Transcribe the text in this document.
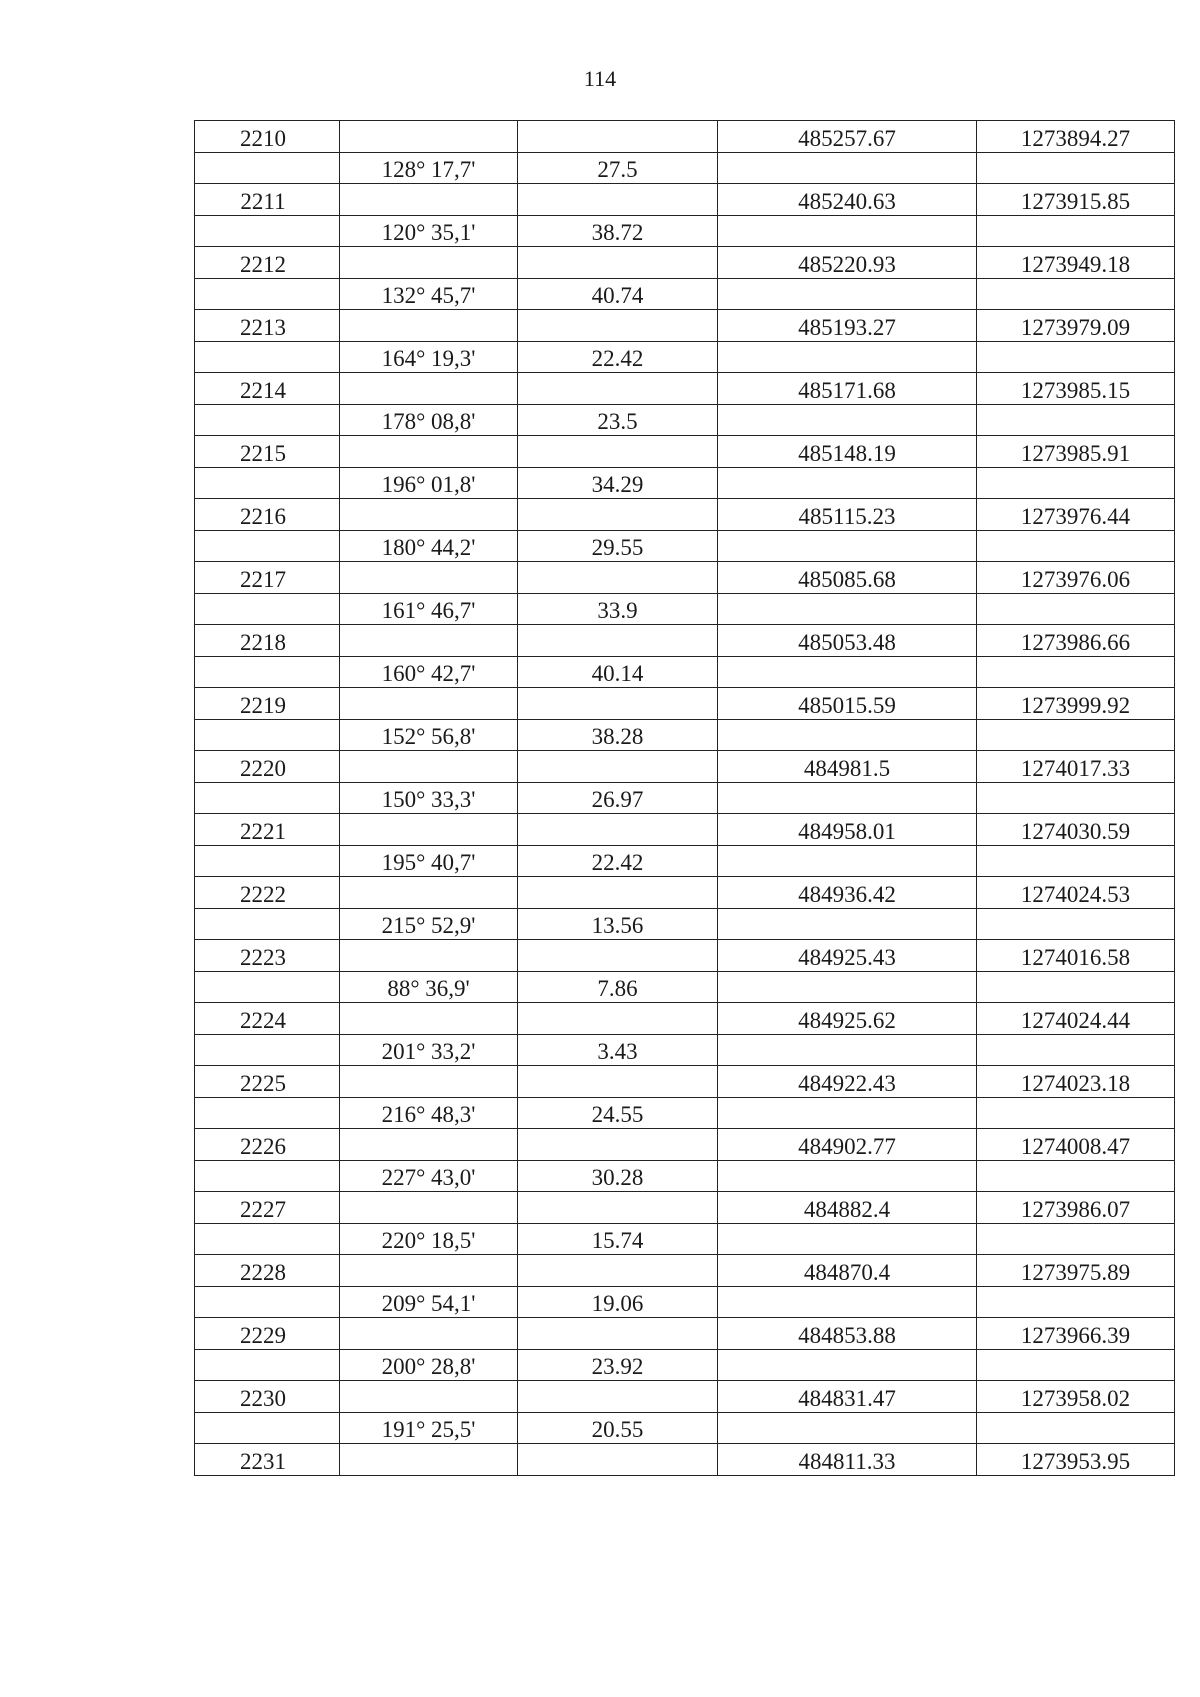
114
2210			485257.67	1273894.27
	128° 17,7'	27.5		
2211			485240.63	1273915.85
	120° 35,1'	38.72		
2212			485220.93	1273949.18
	132° 45,7'	40.74		
2213			485193.27	1273979.09
	164° 19,3'	22.42		
2214			485171.68	1273985.15
	178° 08,8'	23.5		
2215			485148.19	1273985.91
	196° 01,8'	34.29		
2216			485115.23	1273976.44
	180° 44,2'	29.55		
2217			485085.68	1273976.06
	161° 46,7'	33.9		
2218			485053.48	1273986.66
	160° 42,7'	40.14		
2219			485015.59	1273999.92
	152° 56,8'	38.28		
2220			484981.5	1274017.33
	150° 33,3'	26.97		
2221			484958.01	1274030.59
	195° 40,7'	22.42		
2222			484936.42	1274024.53
	215° 52,9'	13.56		
2223			484925.43	1274016.58
	88° 36,9'	7.86		
2224			484925.62	1274024.44
	201° 33,2'	3.43		
2225			484922.43	1274023.18
	216° 48,3'	24.55		
2226			484902.77	1274008.47
	227° 43,0'	30.28		
2227			484882.4	1273986.07
	220° 18,5'	15.74		
2228			484870.4	1273975.89
	209° 54,1'	19.06		
2229			484853.88	1273966.39
	200° 28,8'	23.92		
2230			484831.47	1273958.02
	191° 25,5'	20.55		
2231			484811.33	1273953.95
